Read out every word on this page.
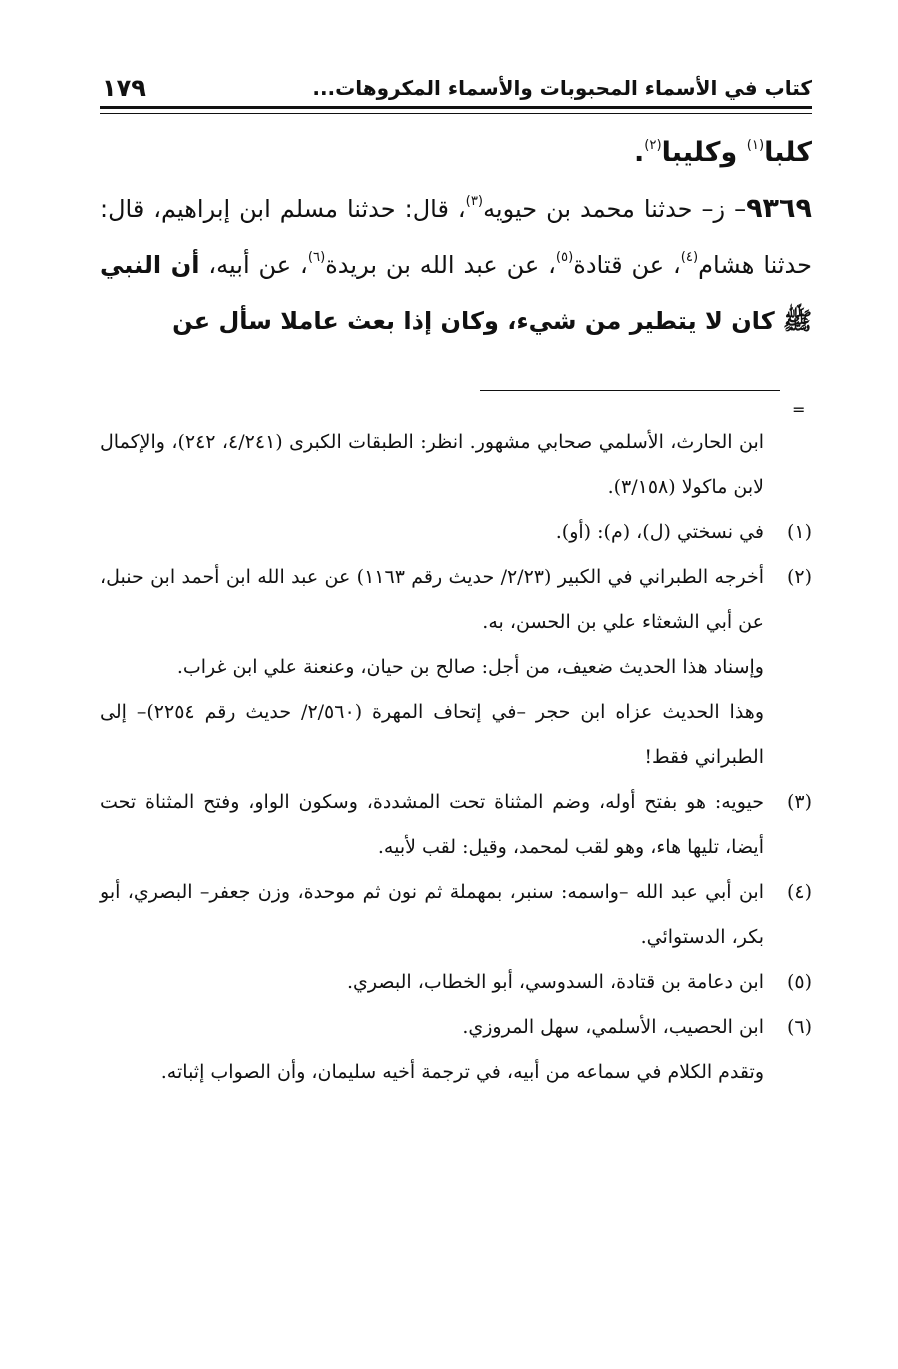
١٧٩	كتاب في الأسماء المحبوبات والأسماء المكروهات...

كلبا$^{(١)}$ وكليبا$^{(٢)}$.

٩٣٦٩– ز– حدثنا محمد بن حيويه$^{(٣)}$، قال: حدثنا مسلم ابن إبراهيم، قال: حدثنا هشام$^{(٤)}$، عن قتادة$^{(٥)}$، عن عبد الله بن بريدة$^{(٦)}$، عن أبيه، أن النبي ﷺ كان لا يتطير من شيء، وكان إذا بعث عاملا سأل عن

=

ابن الحارث، الأسلمي صحابي مشهور. انظر: الطبقات الكبرى (٤/٢٤١، ٢٤٢)، والإكمال لابن ماكولا (٣/١٥٨).

(١)في نسختي (ل)، (م): (أو).

(٢)أخرجه الطبراني في الكبير (٢/٢٣/ حديث رقم ١١٦٣) عن عبد الله ابن أحمد ابن حنبل، عن أبي الشعثاء علي بن الحسن، به.

وإسناد هذا الحديث ضعيف، من أجل: صالح بن حيان، وعنعنة علي ابن غراب.

وهذا الحديث عزاه ابن حجر –في إتحاف المهرة (٢/٥٦٠/ حديث رقم ٢٢٥٤)– إلى الطبراني فقط!

(٣)حيويه: هو بفتح أوله، وضم المثناة تحت المشددة، وسكون الواو، وفتح المثناة تحت أيضا، تليها هاء، وهو لقب لمحمد، وقيل: لقب لأبيه.

(٤)ابن أبي عبد الله –واسمه: سنبر، بمهملة ثم نون ثم موحدة، وزن جعفر– البصري، أبو بكر، الدستوائي.

(٥)ابن دعامة بن قتادة، السدوسي، أبو الخطاب، البصري.

(٦)ابن الحصيب، الأسلمي، سهل المروزي.

وتقدم الكلام في سماعه من أبيه، في ترجمة أخيه سليمان، وأن الصواب إثباته.
